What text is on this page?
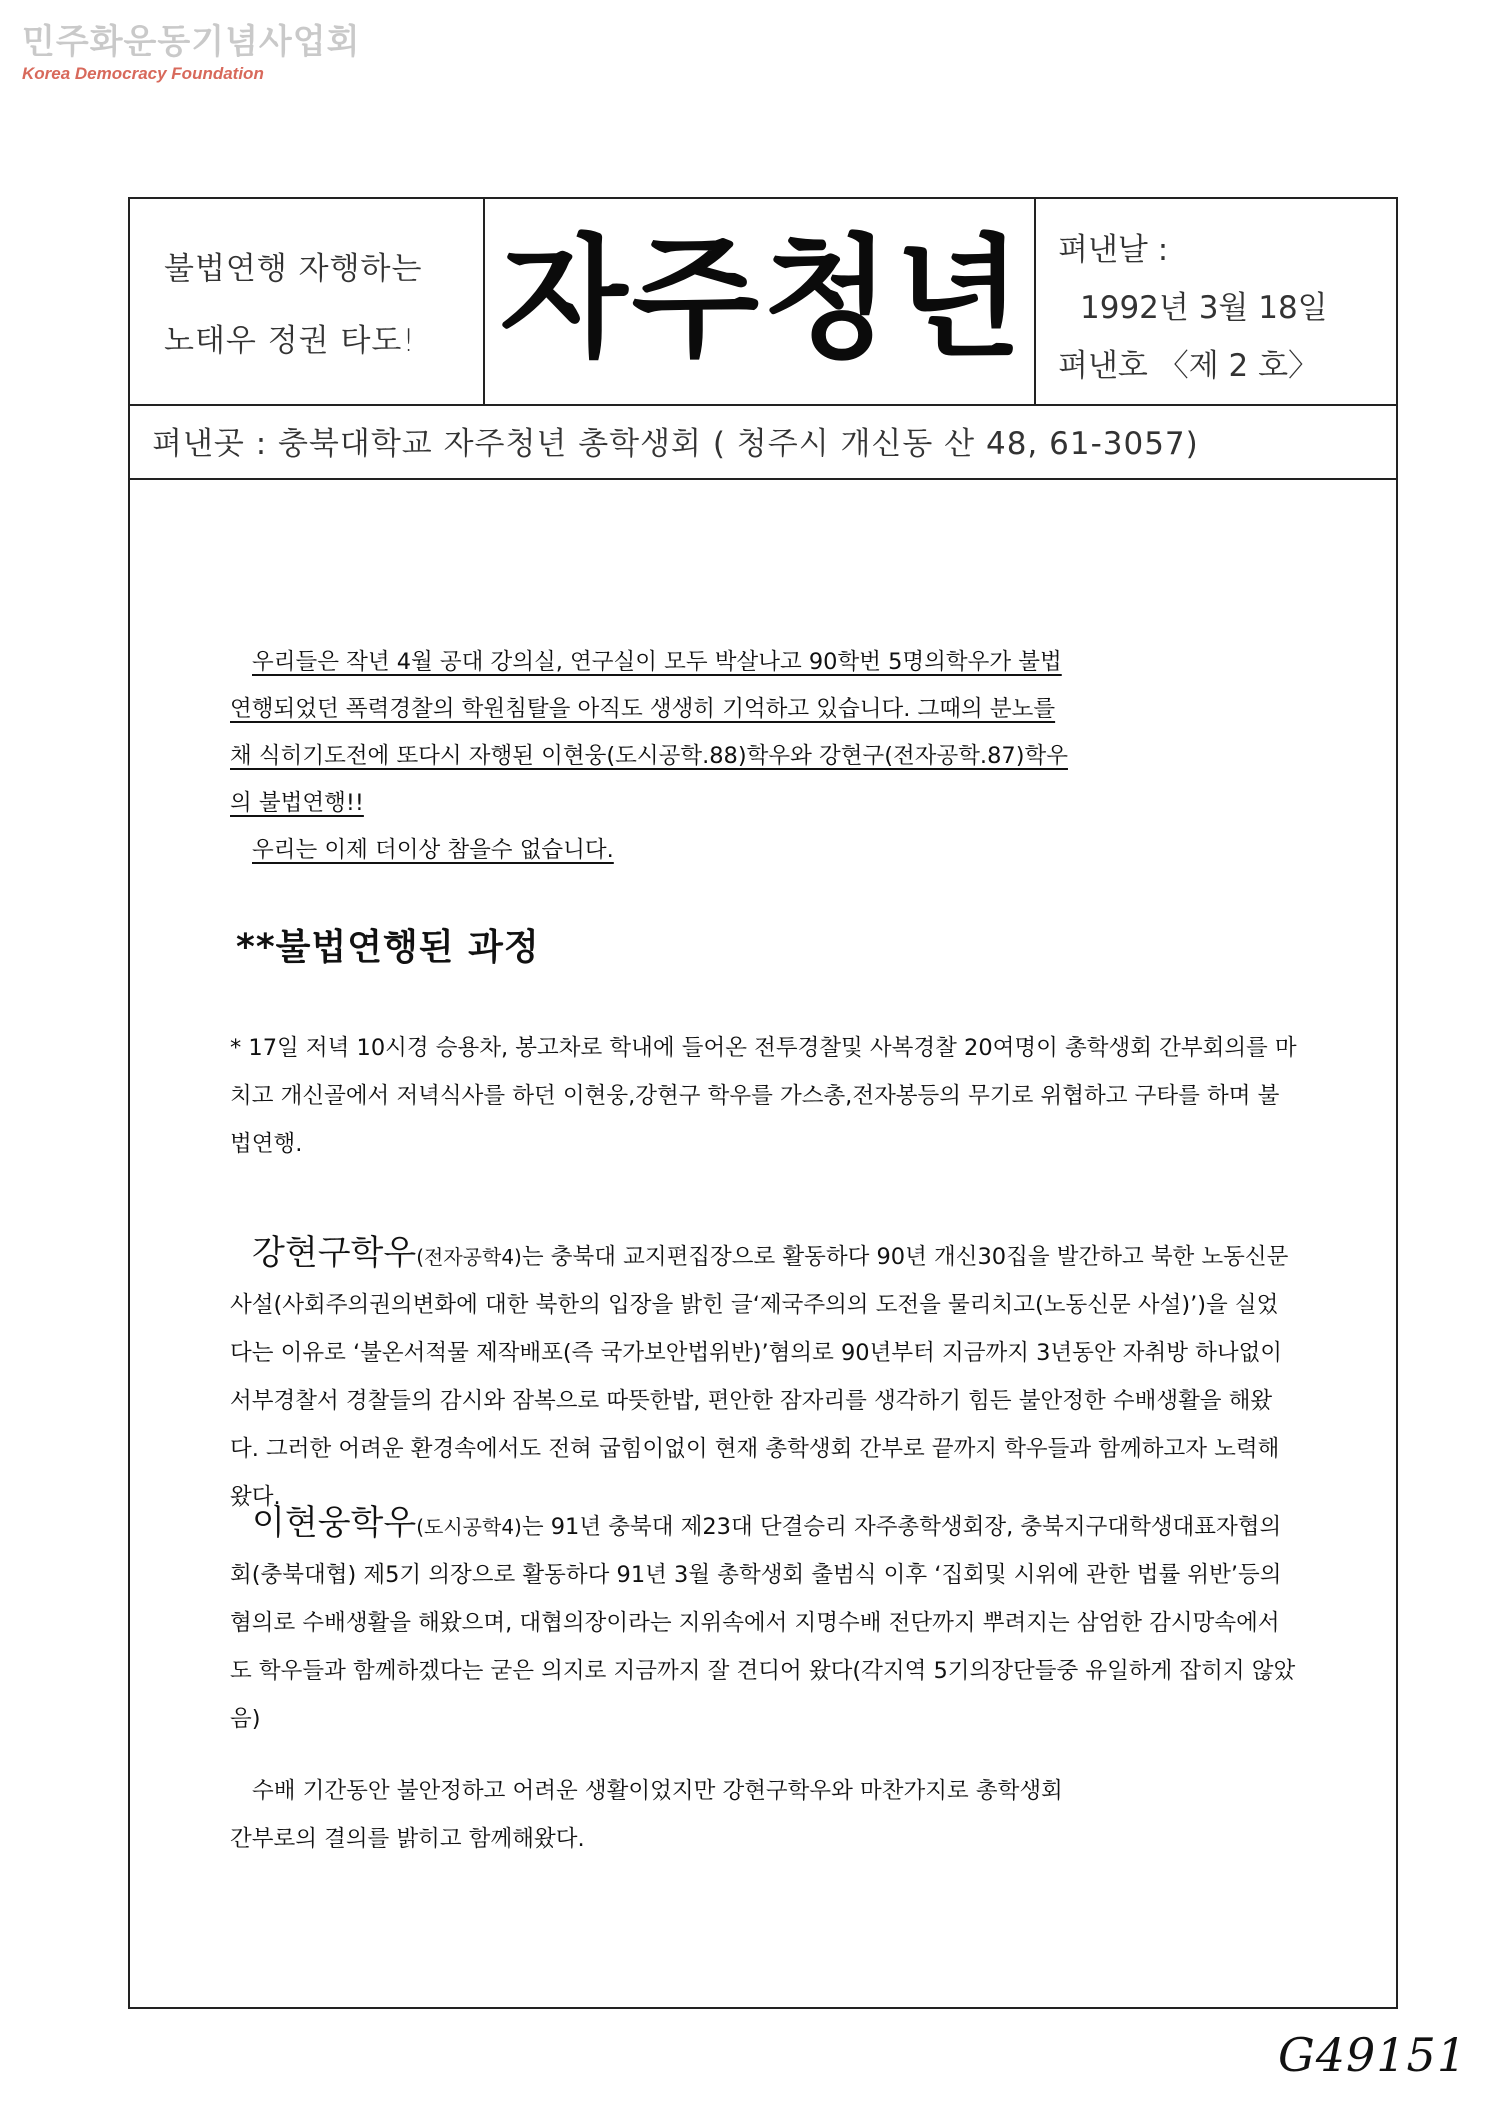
민주화운동기념사업회
Korea Democracy Foundation
불법연행 자행하는
노태우 정권 타도! 자주청년 펴낸날 :
1992년 3월 18일
펴낸호 〈제 2 호〉
펴낸곳 : 충북대학교 자주청년 총학생회 ( 청주시 개신동 산 48, 61-3057)

우리들은 작년 4월 공대 강의실, 연구실이 모두 박살나고 90학번 5명의학우가 불법

연행되었던 폭력경찰의 학원침탈을 아직도 생생히 기억하고 있습니다. 그때의 분노를

채 식히기도전에 또다시 자행된 이현웅(도시공학.88)학우와 강현구(전자공학.87)학우

의 불법연행!!

우리는 이제 더이상 참을수 없습니다.

**불법연행된 과정
* 17일 저녁 10시경 승용차, 봉고차로 학내에 들어온 전투경찰및 사복경찰 20여명이 총학생회 간부회의를 마치고 개신골에서 저녁식사를 하던 이현웅,강현구 학우를 가스총,전자봉등의 무기로 위협하고 구타를 하며 불법연행.
강현구학우(전자공학4)는 충북대 교지편집장으로 활동하다 90년 개신30집을 발간하고 북한 노동신문사설(사회주의권의변화에 대한 북한의 입장을 밝힌 글‘제국주의의 도전을 물리치고(노동신문 사설)’)을 실었다는 이유로 ‘불온서적물 제작배포(즉 국가보안법위반)’혐의로 90년부터 지금까지 3년동안 자취방 하나없이 서부경찰서 경찰들의 감시와 잠복으로 따뜻한밥, 편안한 잠자리를 생각하기 힘든 불안정한 수배생활을 해왔다. 그러한 어려운 환경속에서도 전혀 굽힘이없이 현재 총학생회 간부로 끝까지 학우들과 함께하고자 노력해왔다.
이현웅학우(도시공학4)는 91년 충북대 제23대 단결승리 자주총학생회장, 충북지구대학생대표자협의회(충북대협) 제5기 의장으로 활동하다 91년 3월 총학생회 출범식 이후 ‘집회및 시위에 관한 법률 위반’등의 혐의로 수배생활을 해왔으며, 대협의장이라는 지위속에서 지명수배 전단까지 뿌려지는 삼엄한 감시망속에서도 학우들과 함께하겠다는 굳은 의지로 지금까지 잘 견디어 왔다(각지역 5기의장단들중 유일하게 잡히지 않았음)

수배 기간동안 불안정하고 어려운 생활이었지만 강현구학우와 마찬가지로 총학생회

간부로의 결의를 밝히고 함께해왔다.

G49151
